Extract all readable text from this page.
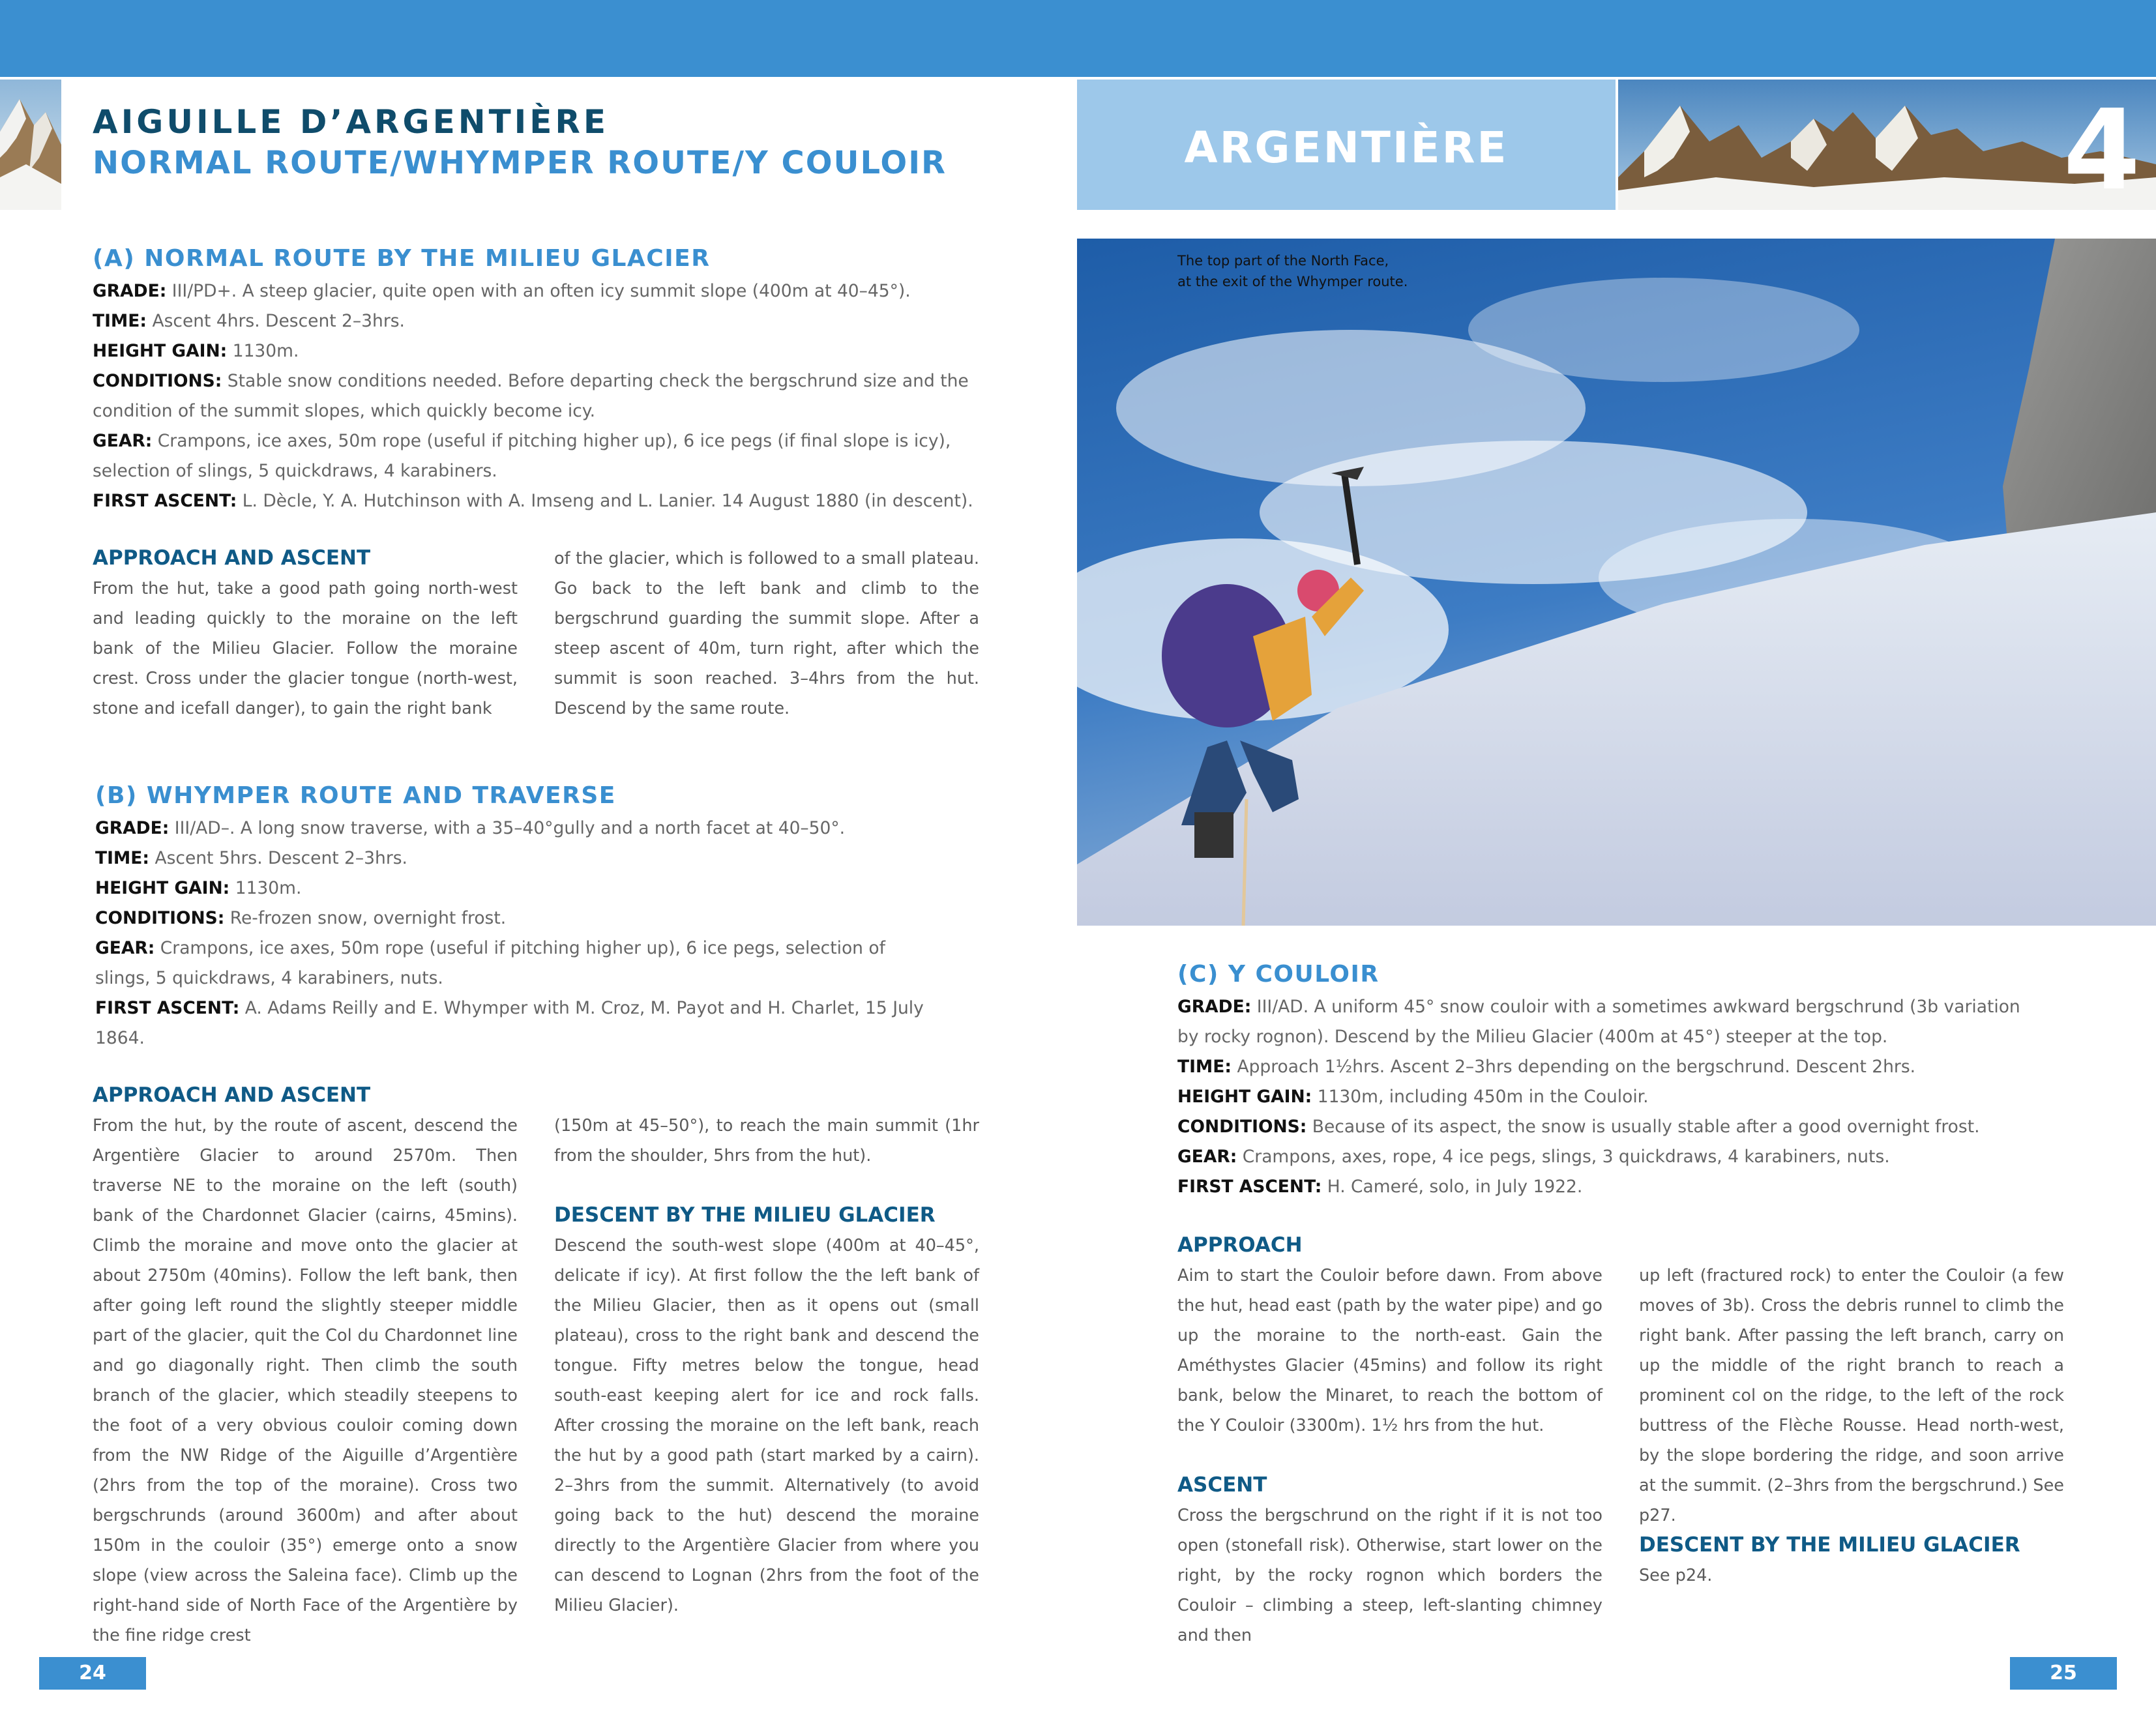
AIGUILLE D’ARGENTIÈRE
NORMAL ROUTE/WHYMPER ROUTE/Y COULOIR	ARGENTIÈRE	4
The top part of the North Face,
at the exit of the Whymper route.
(A) NORMAL ROUTE BY THE MILIEU GLACIER
GRADE: III/PD+. A steep glacier, quite open with an often icy summit slope (400m at 40–45°).
TIME: Ascent 4hrs. Descent 2–3hrs.
HEIGHT GAIN: 1130m.
CONDITIONS: Stable snow conditions needed. Before departing check the bergschrund size and the condition of the summit slopes, which quickly become icy.
GEAR: Crampons, ice axes, 50m rope (useful if pitching higher up), 6 ice pegs (if final slope is icy), selection of slings, 5 quickdraws, 4 karabiners.
FIRST ASCENT: L. Dècle, Y. A. Hutchinson with A. Imseng and L. Lanier. 14 August 1880 (in descent).
APPROACH AND ASCENT
From the hut, take a good path going north-west and leading quickly to the moraine on the left bank of the Milieu Glacier. Follow the moraine crest. Cross under the glacier tongue (north-west, stone and icefall danger), to gain the right bank
of the glacier, which is followed to a small plateau. Go back to the left bank and climb to the bergschrund guarding the summit slope. After a steep ascent of 40m, turn right, after which the summit is soon reached. 3–4hrs from the hut. Descend by the same route.
(B) WHYMPER ROUTE AND TRAVERSE
GRADE: III/AD–. A long snow traverse, with a 35–40°gully and a north facet at 40–50°.
TIME: Ascent 5hrs. Descent 2–3hrs.
HEIGHT GAIN: 1130m.
CONDITIONS: Re-frozen snow, overnight frost.
GEAR: Crampons, ice axes, 50m rope (useful if pitching higher up), 6 ice pegs, selection of slings, 5 quickdraws, 4 karabiners, nuts.
FIRST ASCENT: A. Adams Reilly and E. Whymper with M. Croz, M. Payot and H. Charlet, 15 July 1864.
APPROACH AND ASCENT
From the hut, by the route of ascent, descend the Argentière Glacier to around 2570m. Then traverse NE to the moraine on the left (south) bank of the Chardonnet Glacier (cairns, 45mins). Climb the moraine and move onto the glacier at about 2750m (40mins). Follow the left bank, then after going left round the slightly steeper middle part of the glacier, quit the Col du Chardonnet line and go diagonally right. Then climb the south branch of the glacier, which steadily steepens to the foot of a very obvious couloir coming down from the NW Ridge of the Aiguille d’Argentière (2hrs from the top of the moraine). Cross two bergschrunds (around 3600m) and after about 150m in the couloir (35°) emerge onto a snow slope (view across the Saleina face). Climb up the right-hand side of North Face of the Argentière by the fine ridge crest
(150m at 45–50°), to reach the main summit (1hr from the shoulder, 5hrs from the hut).
DESCENT BY THE MILIEU GLACIER
Descend the south-west slope (400m at 40–45°, delicate if icy). At first follow the the left bank of the Milieu Glacier, then as it opens out (small plateau), cross to the right bank and descend the tongue. Fifty metres below the tongue, head south-east keeping alert for ice and rock falls. After crossing the moraine on the left bank, reach the hut by a good path (start marked by a cairn). 2–3hrs from the summit. Alternatively (to avoid going back to the hut) descend the moraine directly to the Argentière Glacier from where you can descend to Lognan (2hrs from the foot of the Milieu Glacier).
(C) Y COULOIR
GRADE: III/AD. A uniform 45° snow couloir with a sometimes awkward bergschrund (3b variation by rocky rognon). Descend by the Milieu Glacier (400m at 45°) steeper at the top.
TIME: Approach 1½hrs. Ascent 2–3hrs depending on the bergschrund. Descent 2hrs.
HEIGHT GAIN: 1130m, including 450m in the Couloir.
CONDITIONS: Because of its aspect, the snow is usually stable after a good overnight frost.
GEAR: Crampons, axes, rope, 4 ice pegs, slings, 3 quickdraws, 4 karabiners, nuts.
FIRST ASCENT: H. Cameré, solo, in July 1922.
APPROACH
Aim to start the Couloir before dawn. From above the hut, head east (path by the water pipe) and go up the moraine to the north-east. Gain the Améthystes Glacier (45mins) and follow its right bank, below the Minaret, to reach the bottom of the Y Couloir (3300m). 1½ hrs from the hut.
ASCENT
Cross the bergschrund on the right if it is not too open (stonefall risk). Otherwise, start lower on the right, by the rocky rognon which borders the Couloir – climbing a steep, left-slanting chimney and then
up left (fractured rock) to enter the Couloir (a few moves of 3b). Cross the debris runnel to climb the right bank. After passing the left branch, carry on up the middle of the right branch to reach a prominent col on the ridge, to the left of the rock buttress of the Flèche Rousse. Head north-west, by the slope bordering the ridge, and soon arrive at the summit. (2–3hrs from the bergschrund.) See p27.
DESCENT BY THE MILIEU GLACIER
See p24.
24	25
